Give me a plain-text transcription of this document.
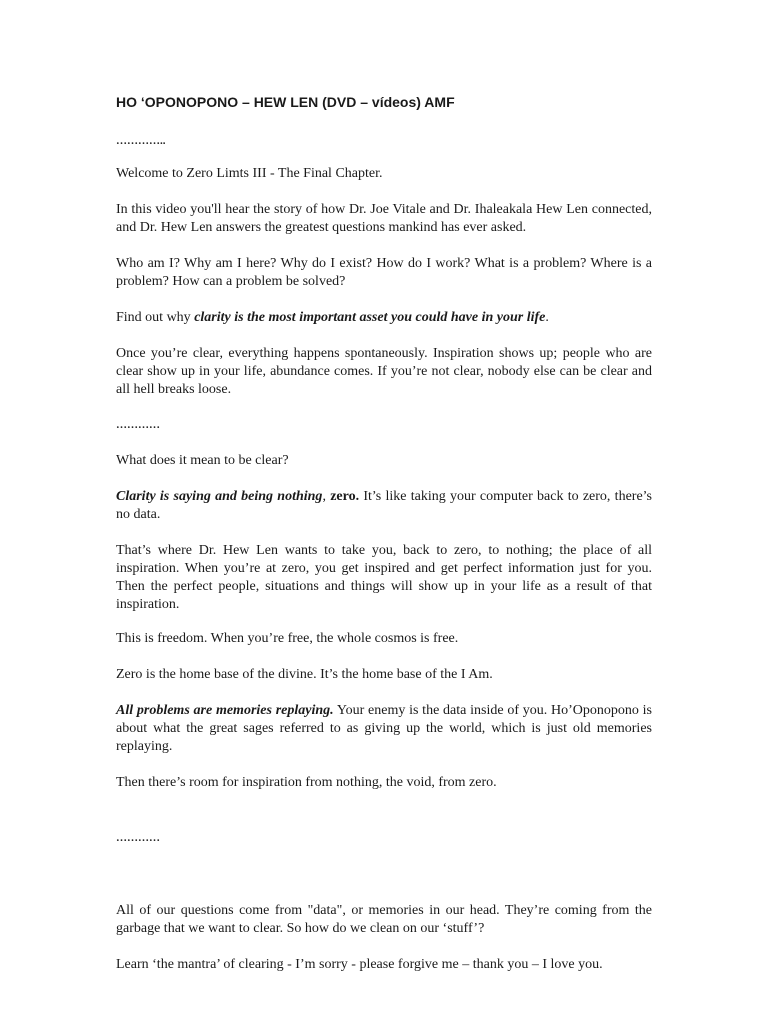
HO ‘OPONOPONO – HEW LEN (DVD – vídeos) AMF
…………..

Welcome to Zero Limts III - The Final Chapter.

In this video you'll hear the story of how Dr. Joe Vitale and Dr. Ihaleakala Hew Len connected, and Dr. Hew Len answers the greatest questions mankind has ever asked.

Who am I? Why am I here? Why do I exist? How do I work? What is a problem? Where is a problem? How can a problem be solved?

Find out why clarity is the most important asset you could have in your life.

Once you’re clear, everything happens spontaneously. Inspiration shows up; people who are clear show up in your life, abundance comes. If you’re not clear, nobody else can be clear and all hell breaks loose.

…………

What does it mean to be clear?

Clarity is saying and being nothing, zero. It’s like taking your computer back to zero, there’s no data.

That’s where Dr. Hew Len wants to take you, back to zero, to nothing; the place of all inspiration. When you’re at zero, you get inspired and get perfect information just for you. Then the perfect people, situations and things will show up in your life as a result of that inspiration.

This is freedom. When you’re free, the whole cosmos is free.

Zero is the home base of the divine. It’s the home base of the I Am.

All problems are memories replaying. Your enemy is the data inside of you. Ho’Oponopono is about what the great sages referred to as giving up the world, which is just old memories replaying.

Then there’s room for inspiration from nothing, the void, from zero.

…………

All of our questions come from "data", or memories in our head. They’re coming from the garbage that we want to clear. So how do we clean on our ‘stuff’?

Learn ‘the mantra’ of clearing - I’m sorry - please forgive me – thank you – I love you.
